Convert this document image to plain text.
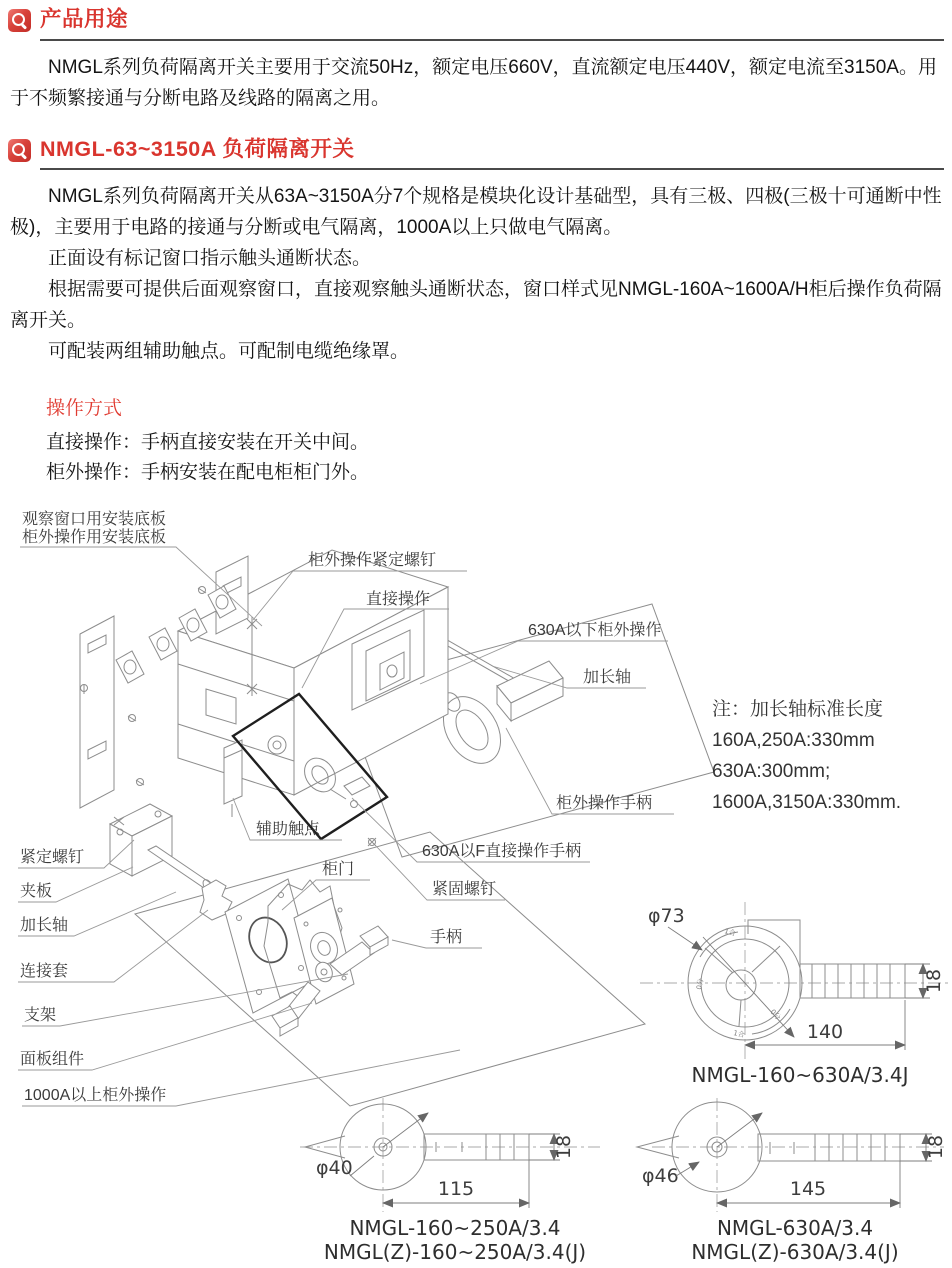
产品用途

NMGL系列负荷隔离开关主要用于交流50Hz，额定电压660V，直流额定电压440V，额定电流至3150A。用于不频繁接通与分断电路及线路的隔离之用。

NMGL-63~3150A 负荷隔离开关

NMGL系列负荷隔离开关从63A~3150A分7个规格是模块化设计基础型，具有三极、四极(三极十可通断中性极)，主要用于电路的接通与分断或电气隔离，1000A以上只做电气隔离。

正面设有标记窗口指示触头通断状态。

根据需要可提供后面观察窗口，直接观察触头通断状态，窗口样式见NMGL-160A~1600A/H柜后操作负荷隔离开关。

可配装两组辅助触点。可配制电缆绝缘罩。

操作方式

直接操作：手柄直接安装在开关中间。

柜外操作：手柄安装在配电柜柜门外。

观察窗口用安装底板
柜外操作用安装底板
柜外操作紧定螺钉
直接操作
630A以下柜外操作
加长轴
柜外操作手柄
注：加长轴标准长度
160A,250A:330mm
630A:300mm;
1600A,3150A:330mm.
紧定螺钉
夹板
加长轴
连接套
支架
面板组件
1000A以上柜外操作
辅助触点
柜门
630A以F直接操作手柄
紧固螺钉
手柄	1合
0分
0分
1合	140
18
φ73
NMGL-160~630A/3.4J
18
115
φ40
NMGL-160~250A/3.4
NMGL(Z)-160~250A/3.4(J)
18
145
φ46
NMGL-630A/3.4
NMGL(Z)-630A/3.4(J)
